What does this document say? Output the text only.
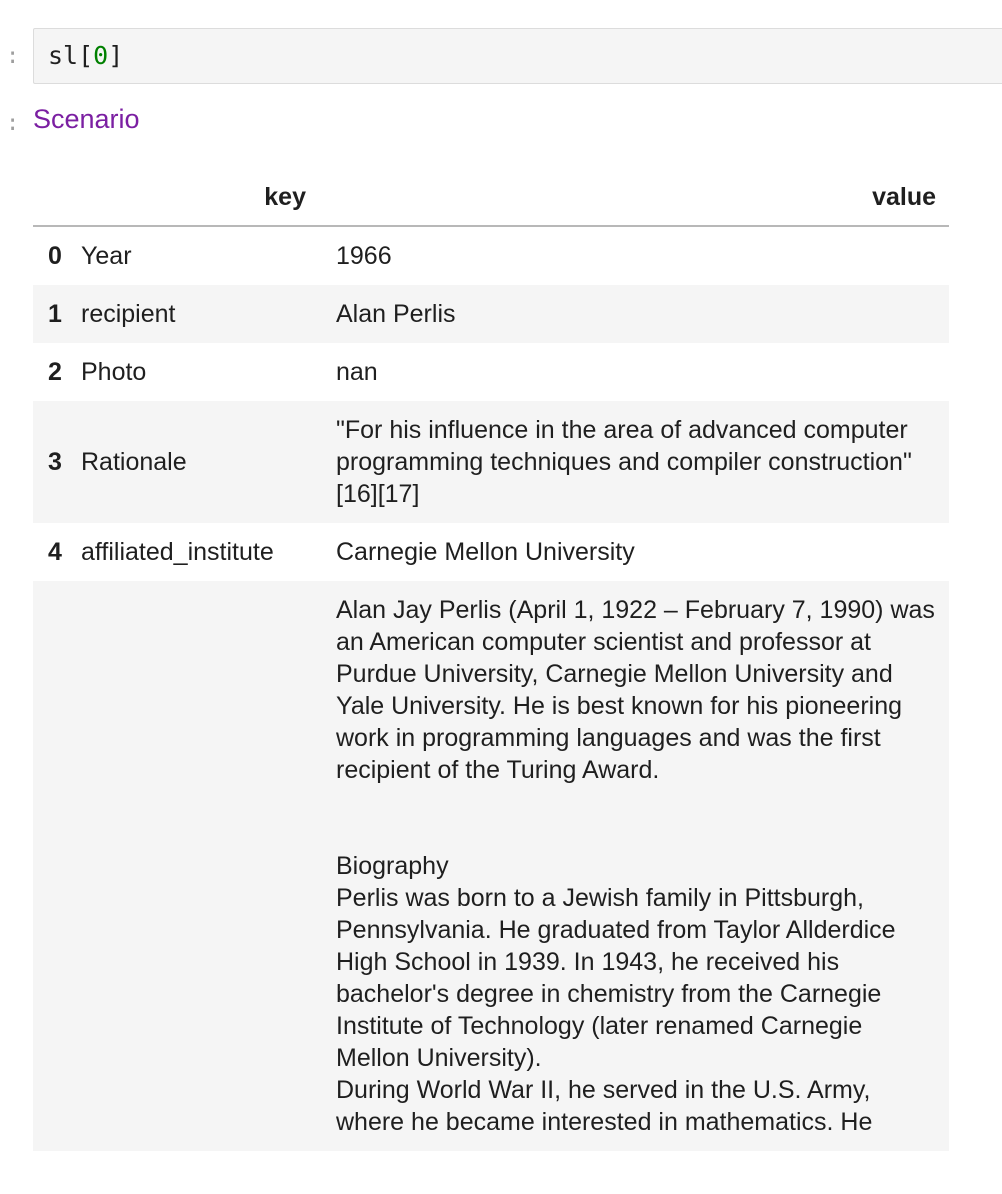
: sl[0]
: Scenario
	key	value
0	Year	1966
1	recipient	Alan Perlis
2	Photo	nan
3	Rationale	"For his influence in the area of advanced computer programming techniques and compiler construction"[16][17]
4	affiliated_institute	Carnegie Mellon University

		Alan Jay Perlis (April 1, 1922 – February 7, 1990) was an American computer scientist and professor at Purdue University, Carnegie Mellon University and Yale University. He is best known for his pioneering work in programming languages and was the first recipient of the Turing Award.

Biography
Perlis was born to a Jewish family in Pittsburgh, Pennsylvania. He graduated from Taylor Allderdice High School in 1939. In 1943, he received his bachelor's degree in chemistry from the Carnegie Institute of Technology (later renamed Carnegie Mellon University).
During World War II, he served in the U.S. Army, where he became interested in mathematics. He
